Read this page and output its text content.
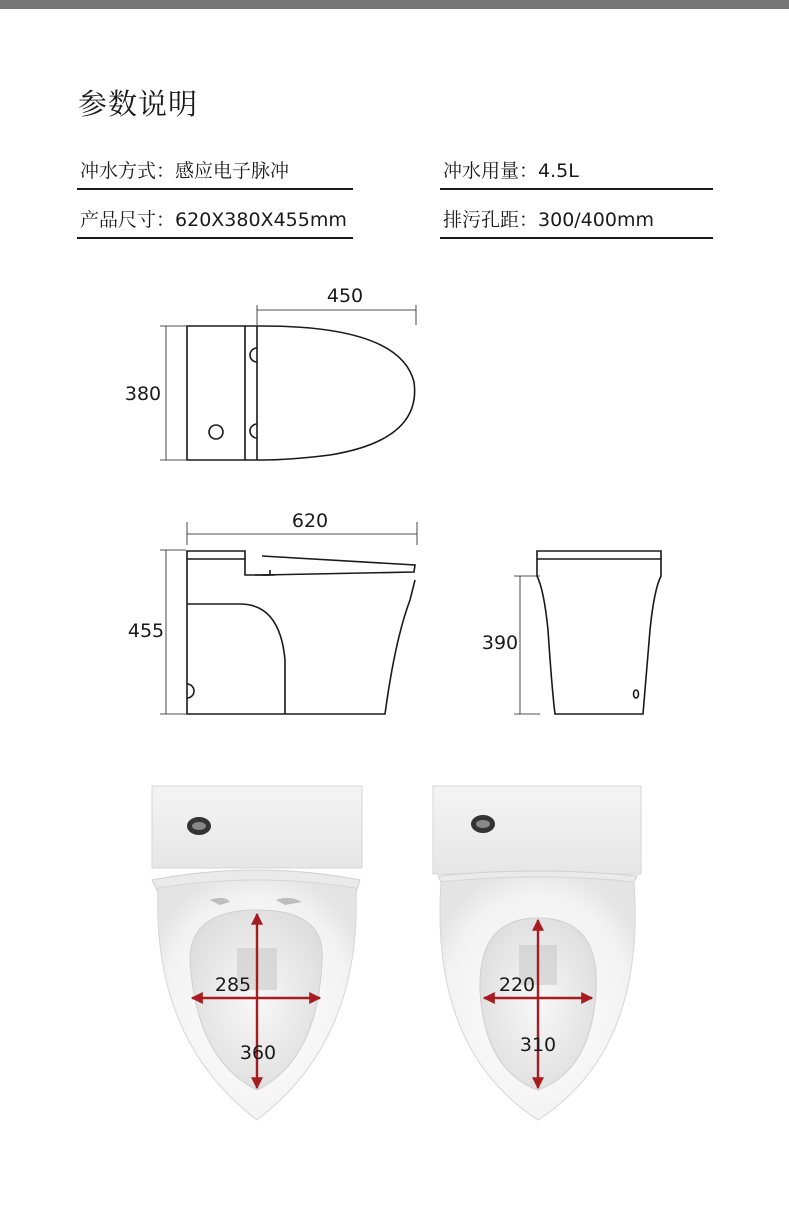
参数说明
冲水方式：感应电子脉冲	冲水用量：4.5L
产品尺寸：620X380X455mm	排污孔距：300/400mm
450
380
620
455
390
285
360
220
310
